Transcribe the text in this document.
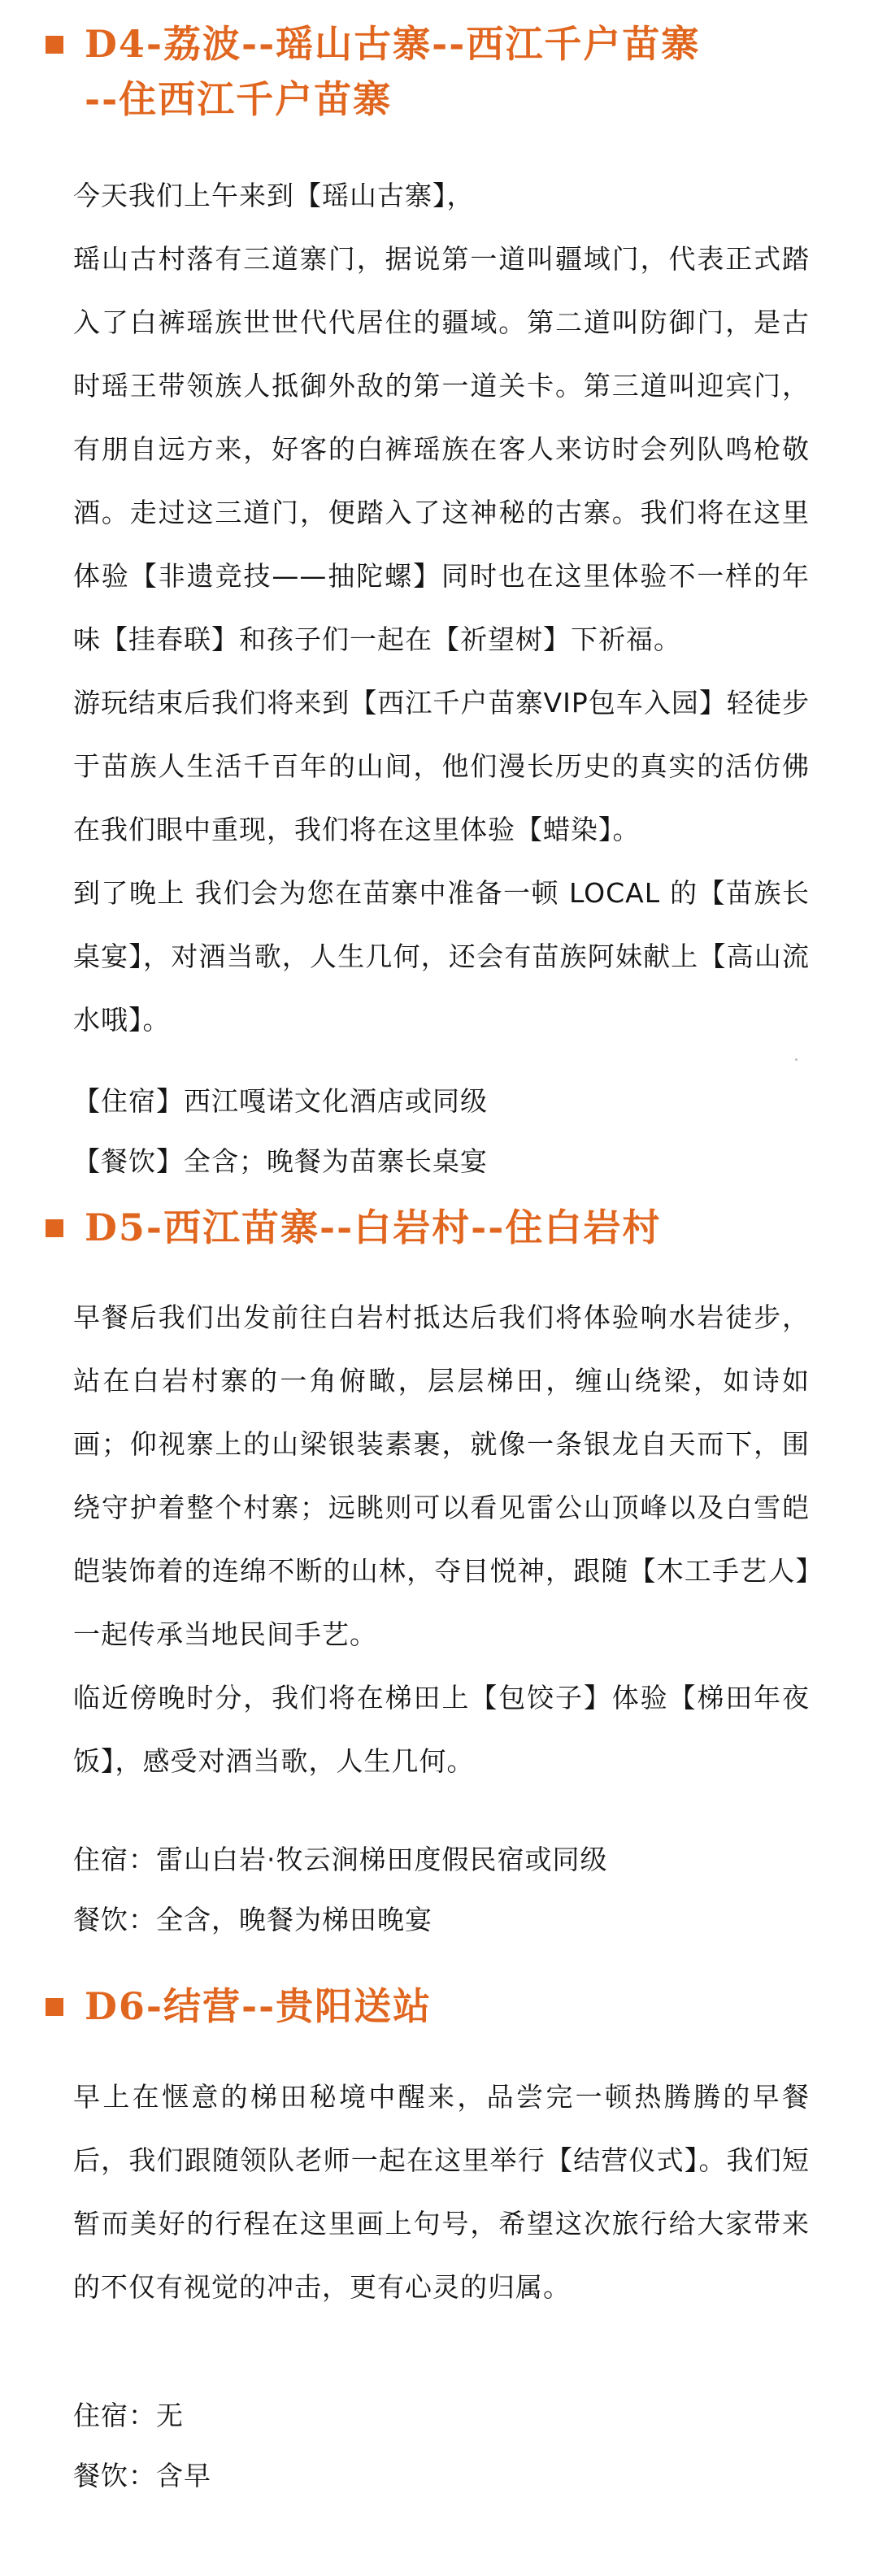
D4-荔波--瑶山古寨--西江千户苗寨
--住西江千户苗寨

今天我们上午来到【瑶山古寨】，

瑶山古村落有三道寨门，据说第一道叫疆域门，代表正式踏入了白裤瑶族世世代代居住的疆域。第二道叫防御门，是古时瑶王带领族人抵御外敌的第一道关卡。第三道叫迎宾门，有朋自远方来，好客的白裤瑶族在客人来访时会列队鸣枪敬酒。走过这三道门，便踏入了这神秘的古寨。我们将在这里体验【非遗竞技——抽陀螺】同时也在这里体验不一样的年味【挂春联】和孩子们一起在【祈望树】下祈福。

游玩结束后我们将来到【西江千户苗寨VIP包车入园】轻徒步于苗族人生活千百年的山间，他们漫长历史的真实的活仿佛在我们眼中重现，我们将在这里体验【蜡染】。

到了晚上 我们会为您在苗寨中准备一顿 LOCAL 的【苗族长桌宴】，对酒当歌，人生几何，还会有苗族阿妹献上【高山流水哦】。

【住宿】西江嘎诺文化酒店或同级

【餐饮】全含；晚餐为苗寨长桌宴

D5-西江苗寨--白岩村--住白岩村

早餐后我们出发前往白岩村抵达后我们将体验响水岩徒步，站在白岩村寨的一角俯瞰，层层梯田，缠山绕梁，如诗如画；仰视寨上的山梁银装素裹，就像一条银龙自天而下，围绕守护着整个村寨；远眺则可以看见雷公山顶峰以及白雪皑皑装饰着的连绵不断的山林，夺目悦神，跟随【木工手艺人】一起传承当地民间手艺。

临近傍晚时分，我们将在梯田上【包饺子】体验【梯田年夜饭】，感受对酒当歌，人生几何。

住宿：雷山白岩·牧云涧梯田度假民宿或同级

餐饮：全含，晚餐为梯田晚宴

D6-结营--贵阳送站

早上在惬意的梯田秘境中醒来，品尝完一顿热腾腾的早餐后，我们跟随领队老师一起在这里举行【结营仪式】。我们短暂而美好的行程在这里画上句号，希望这次旅行给大家带来的不仅有视觉的冲击，更有心灵的归属。

住宿：无

餐饮：含早
